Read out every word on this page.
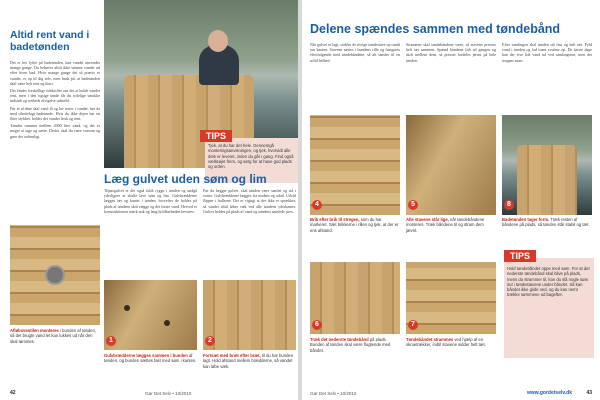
Altid rent vand i badetønden

Det er her lyftet på badetønden, kan vandet anvendes mange gange. Du behøver altså ikke tømme vandet ud efter hvert bad. Hvor mange gange det så præcis er vandet, er op til dig selv, men husk på, at badetønden skal være helt rent og klart.

Der findes forskellige tidskrifter om det at holde vandet rent, men i den rigtige tønde får du tydelige smukke indstøb og renheds afvigelse udmeld.

Før et af dine skal vand få og lav tester i vandet, hør da med tilrettelagt badetønde. Hvis du ikke dejen har en flere stykker, holder det vandet frisk og rent.

Tønden rummer mellem 2000 liter vand, og det er meget at tage og sætte. Derfor skal du være varsom og gøre det ordentligt.	TIPS
Tjek, at du har det hele. Gennemgå monteringsanvisningen, og tjek, hvorvidt alle dele er leveret, inden du går i gang. Find også værktøjet frem, og sørg for at have god plads og orden.
Læg gulvet uden søm og lim
Tilpasgulvet er det også fuldt rygge i tønden og undgå yderligere at skulle lave søm og lim. Gulvbrædderne lægges tæt og kantet i tønden, hvorefter de holdes på plads af tøndens skrå vægge og det første vand. Herved er konstruktionen stærk nok og lang holdbarheden bevares.
Før du lægger gulvet, skal tønden være samlet og stå i vatter. Gulvbrædderne lægges fra midten og udad. Udvid flipper i hullerne. Det er vigtigt at der ikke er sprækker, så vandet altid løber væk ved alle tøndens yderkanter. Gulvet holdes på plads af vand og tøndens samlede pres.
Afløbsventilen monteres i bunden af tønden, så det brugte vand let kan lukkes ud når den skal tømmes.	1
Gulvbrædderne lægges sammen i bunden af tønden, og bunden sættes fast med søm i kanten.
2
Fortsæt med bræt efter bræt, til du har bunden lagt. Hold afstand mellem brædderne, så vandet kan løbe væk.
42	Gør Det Selv • 10/2010
Delene spændes sammen med tøndebånd
Når gulvet er lagt, stables de øvrige tøndestave op rundt om kanten. Stavene sættes i bundens rille og fastgøres efterfølgende med tøndebåndene, så alt samles til en solid helhed.
Strammet skal tøndebåndene være, så stavene presses helt tæt sammen. Spænd båndene lidt ad gangen og skift mellem dem, så presset fordeles jævnt på hele tønden.
Efter samlingen skal tønden stå fast og helt tæt. Fyld vand i tønden og lad træet svulme op. De første dage kan der sive lidt vand ud ved samlingerne, men det stopper snart.
4
Brik efter brik til stregen, som du har markeret. Sæt brikkerne i rillen og tjek, at der er ens afstand.
5
Alle stavene står lige, når tøndebåndene monteres. Træk båndene til og stram dem jævnt.
8
Badetønden tager form. Træk resten af båndene på plads, så tønden står stabil og tæt.
6
Træk det nederste tøndebånd på plads. Bunden af tønden skal være flugtende med båndet.
7
Tøndebåndet strammes ved hjælp af en skruetrækker, indtil stavene sidder helt tæt.
TIPS
Hold tøndebåndet oppe med søm. For at det nederste tøndebånd skal blive på plads, mens du strammer til, kan du slå nogle søm ind i tøndestavene under båndet. Så kan båndet ikke glide ned, og du kan nemt trække sømmene ud bagefter.
Gør Det Selv • 10/2010	www.gordetselv.dk	43
